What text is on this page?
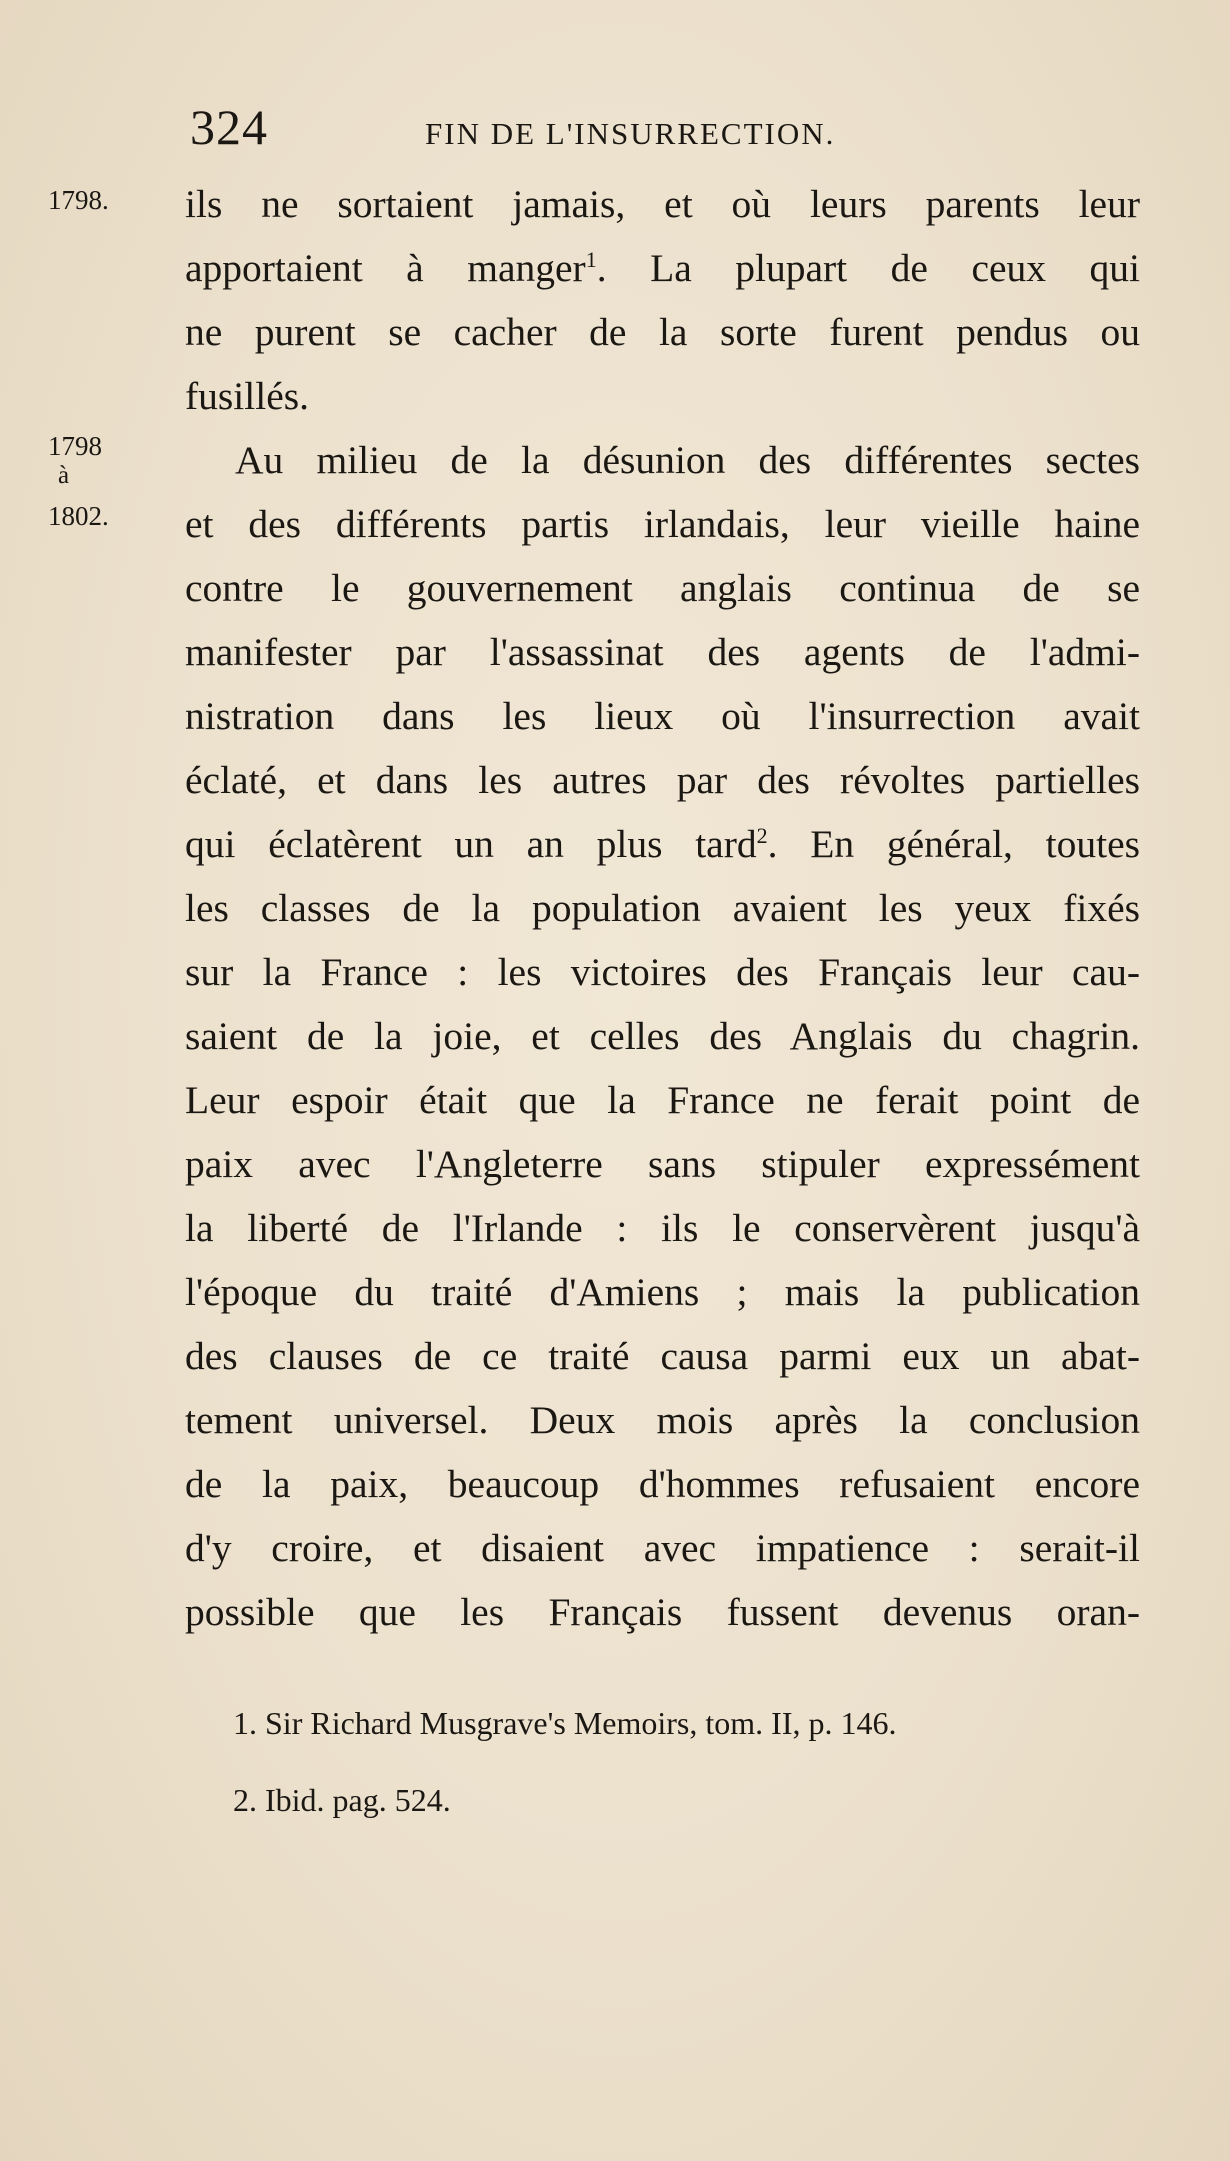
324	FIN DE L'INSURRECTION.
1798.
1798
à
1802.
ils ne sortaient jamais, et où leurs parents leur
apportaient à manger$^1$. La plupart de ceux qui
ne purent se cacher de la sorte furent pendus ou
fusillés.
Au milieu de la désunion des différentes sectes
et des différents partis irlandais, leur vieille haine
contre le gouvernement anglais continua de se
manifester par l'assassinat des agents de l'admi-
nistration dans les lieux où l'insurrection avait
éclaté, et dans les autres par des révoltes partielles
qui éclatèrent un an plus tard$^2$. En général, toutes
les classes de la population avaient les yeux fixés
sur la France : les victoires des Français leur cau-
saient de la joie, et celles des Anglais du chagrin.
Leur espoir était que la France ne ferait point de
paix avec l'Angleterre sans stipuler expressément
la liberté de l'Irlande : ils le conservèrent jusqu'à
l'époque du traité d'Amiens ; mais la publication
des clauses de ce traité causa parmi eux un abat-
tement universel. Deux mois après la conclusion
de la paix, beaucoup d'hommes refusaient encore
d'y croire, et disaient avec impatience : serait-il
possible que les Français fussent devenus oran-
1. Sir Richard Musgrave's Memoirs, tom. II, p. 146.
2. Ibid. pag. 524.
